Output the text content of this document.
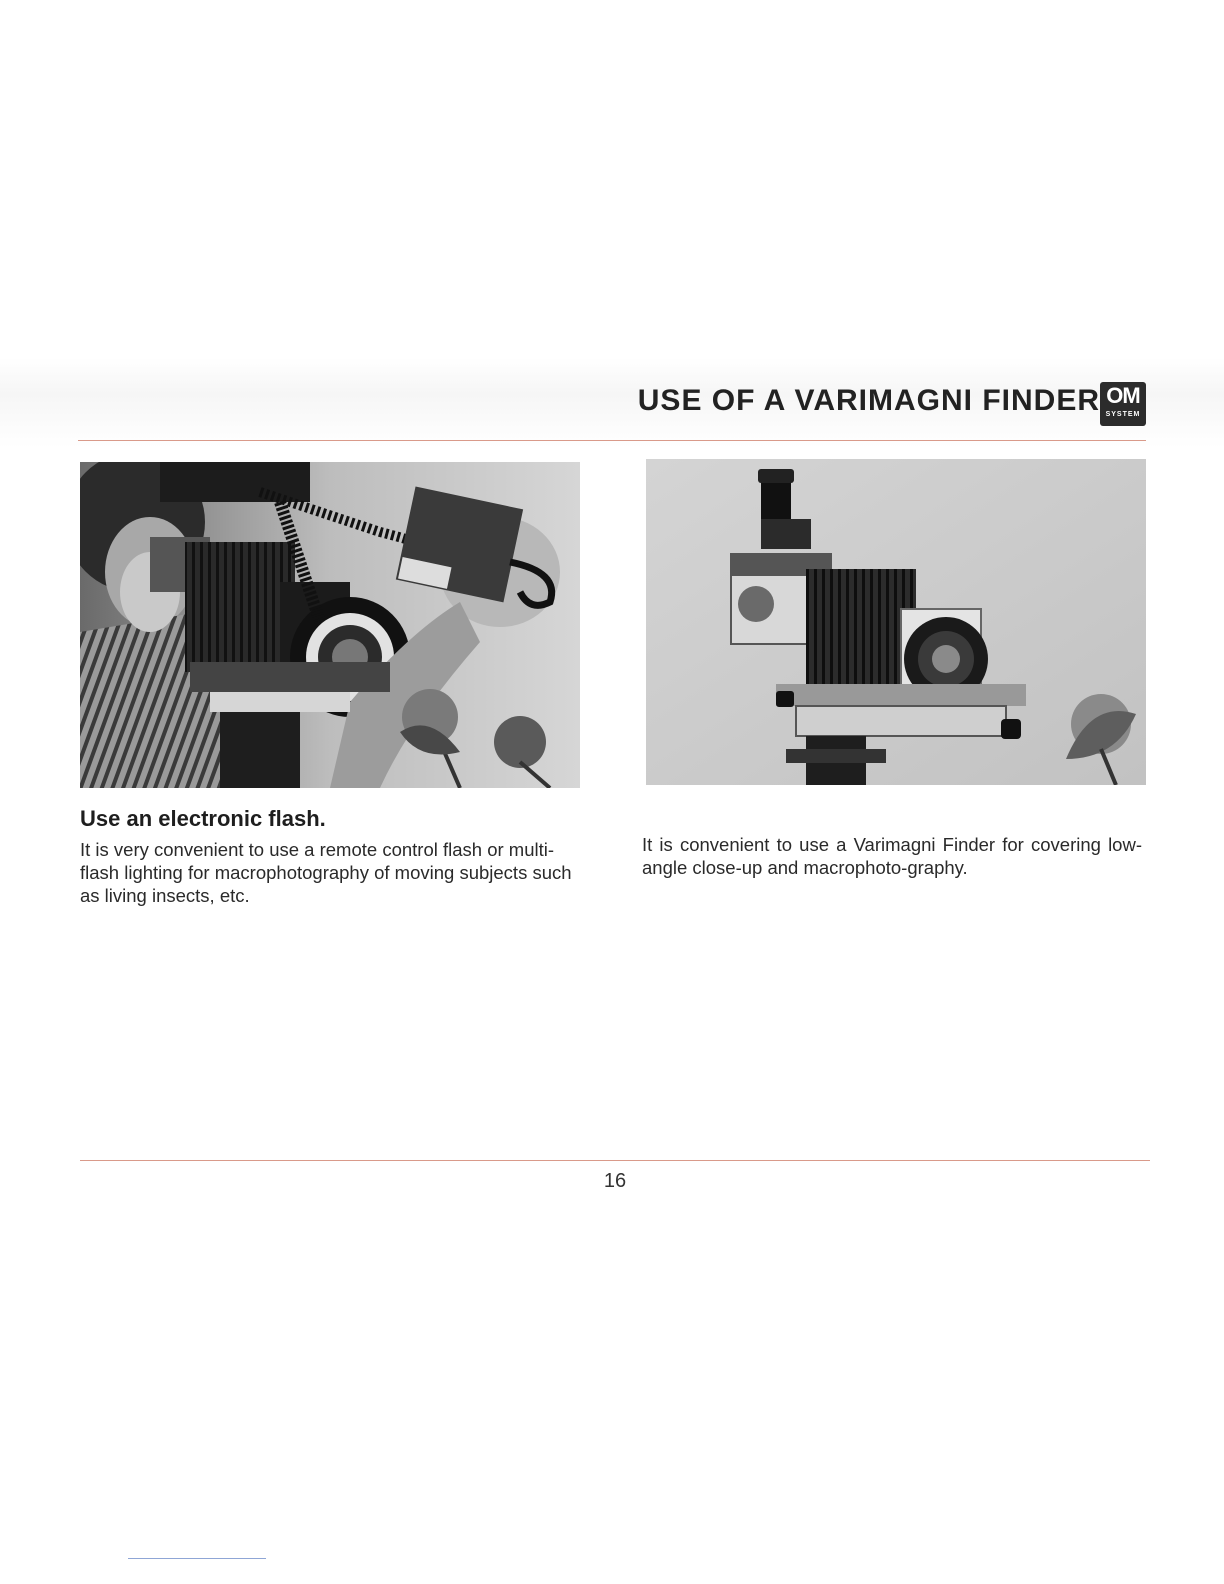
USE OF A VARIMAGNI FINDER OM
SYSTEM
Use an electronic flash.

It is very convenient to use a remote control flash or multi-flash lighting for macrophotography of moving subjects such as living insects, etc.

It is convenient to use a Varimagni Finder for covering low-angle close-up and macrophoto-graphy.

16
